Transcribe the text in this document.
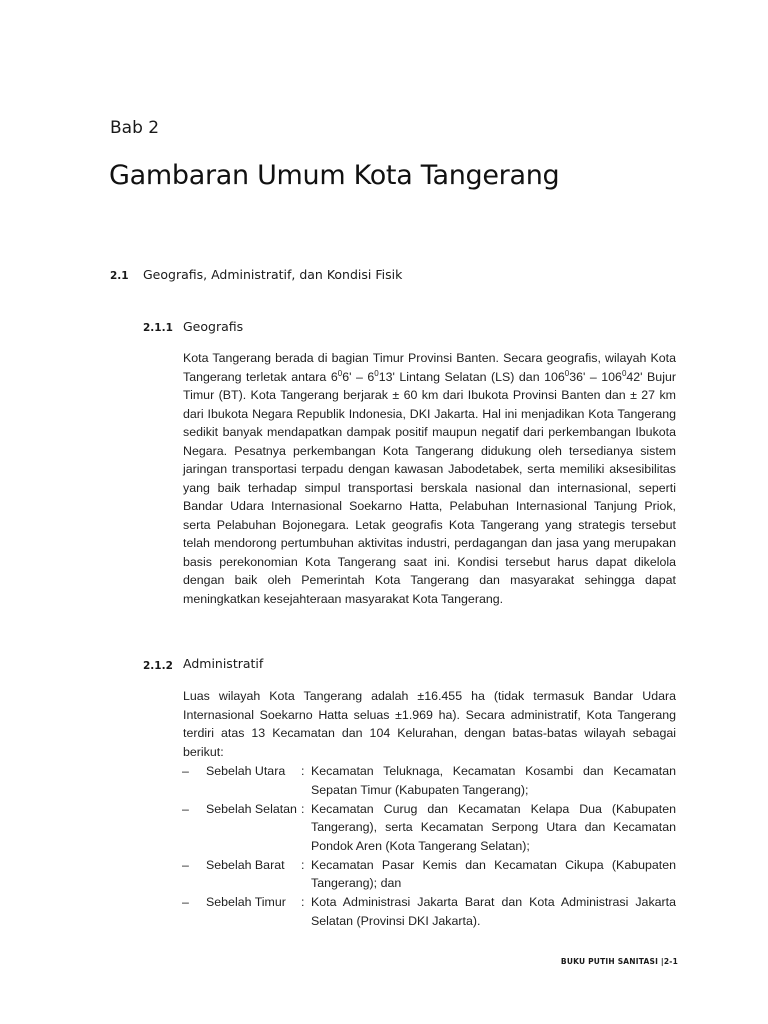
Bab 2
Gambaran Umum Kota Tangerang
2.1 Geografis, Administratif, dan Kondisi Fisik
2.1.1 Geografis

Kota Tangerang berada di bagian Timur Provinsi Banten. Secara geografis, wilayah Kota Tangerang terletak antara $6^06' - 6^013'$ Lintang Selatan (LS) dan $106^036' - 106^042'$ Bujur Timur (BT). Kota Tangerang berjarak ± 60 km dari Ibukota Provinsi Banten dan ± 27 km dari Ibukota Negara Republik Indonesia, DKI Jakarta. Hal ini menjadikan Kota Tangerang sedikit banyak mendapatkan dampak positif maupun negatif dari perkembangan Ibukota Negara. Pesatnya perkembangan Kota Tangerang didukung oleh tersedianya sistem jaringan transportasi terpadu dengan kawasan Jabodetabek, serta memiliki aksesibilitas yang baik terhadap simpul transportasi berskala nasional dan internasional, seperti Bandar Udara Internasional Soekarno Hatta, Pelabuhan Internasional Tanjung Priok, serta Pelabuhan Bojonegara. Letak geografis Kota Tangerang yang strategis tersebut telah mendorong pertumbuhan aktivitas industri, perdagangan dan jasa yang merupakan basis perekonomian Kota Tangerang saat ini. Kondisi tersebut harus dapat dikelola dengan baik oleh Pemerintah Kota Tangerang dan masyarakat sehingga dapat meningkatkan kesejahteraan masyarakat Kota Tangerang.

2.1.2 Administratif

Luas wilayah Kota Tangerang adalah ±16.455 ha (tidak termasuk Bandar Udara Internasional Soekarno Hatta seluas ±1.969 ha). Secara administratif, Kota Tangerang terdiri atas 13 Kecamatan dan 104 Kelurahan, dengan batas-batas wilayah sebagai berikut:

– Sebelah Utara : Kecamatan Teluknaga, Kecamatan Kosambi dan Kecamatan Sepatan Timur (Kabupaten Tangerang);
– Sebelah Selatan : Kecamatan Curug dan Kecamatan Kelapa Dua (Kabupaten Tangerang), serta Kecamatan Serpong Utara dan Kecamatan Pondok Aren (Kota Tangerang Selatan);
– Sebelah Barat : Kecamatan Pasar Kemis dan Kecamatan Cikupa (Kabupaten Tangerang); dan
– Sebelah Timur : Kota Administrasi Jakarta Barat dan Kota Administrasi Jakarta Selatan (Provinsi DKI Jakarta).
BUKU PUTIH SANITASI |2-1
